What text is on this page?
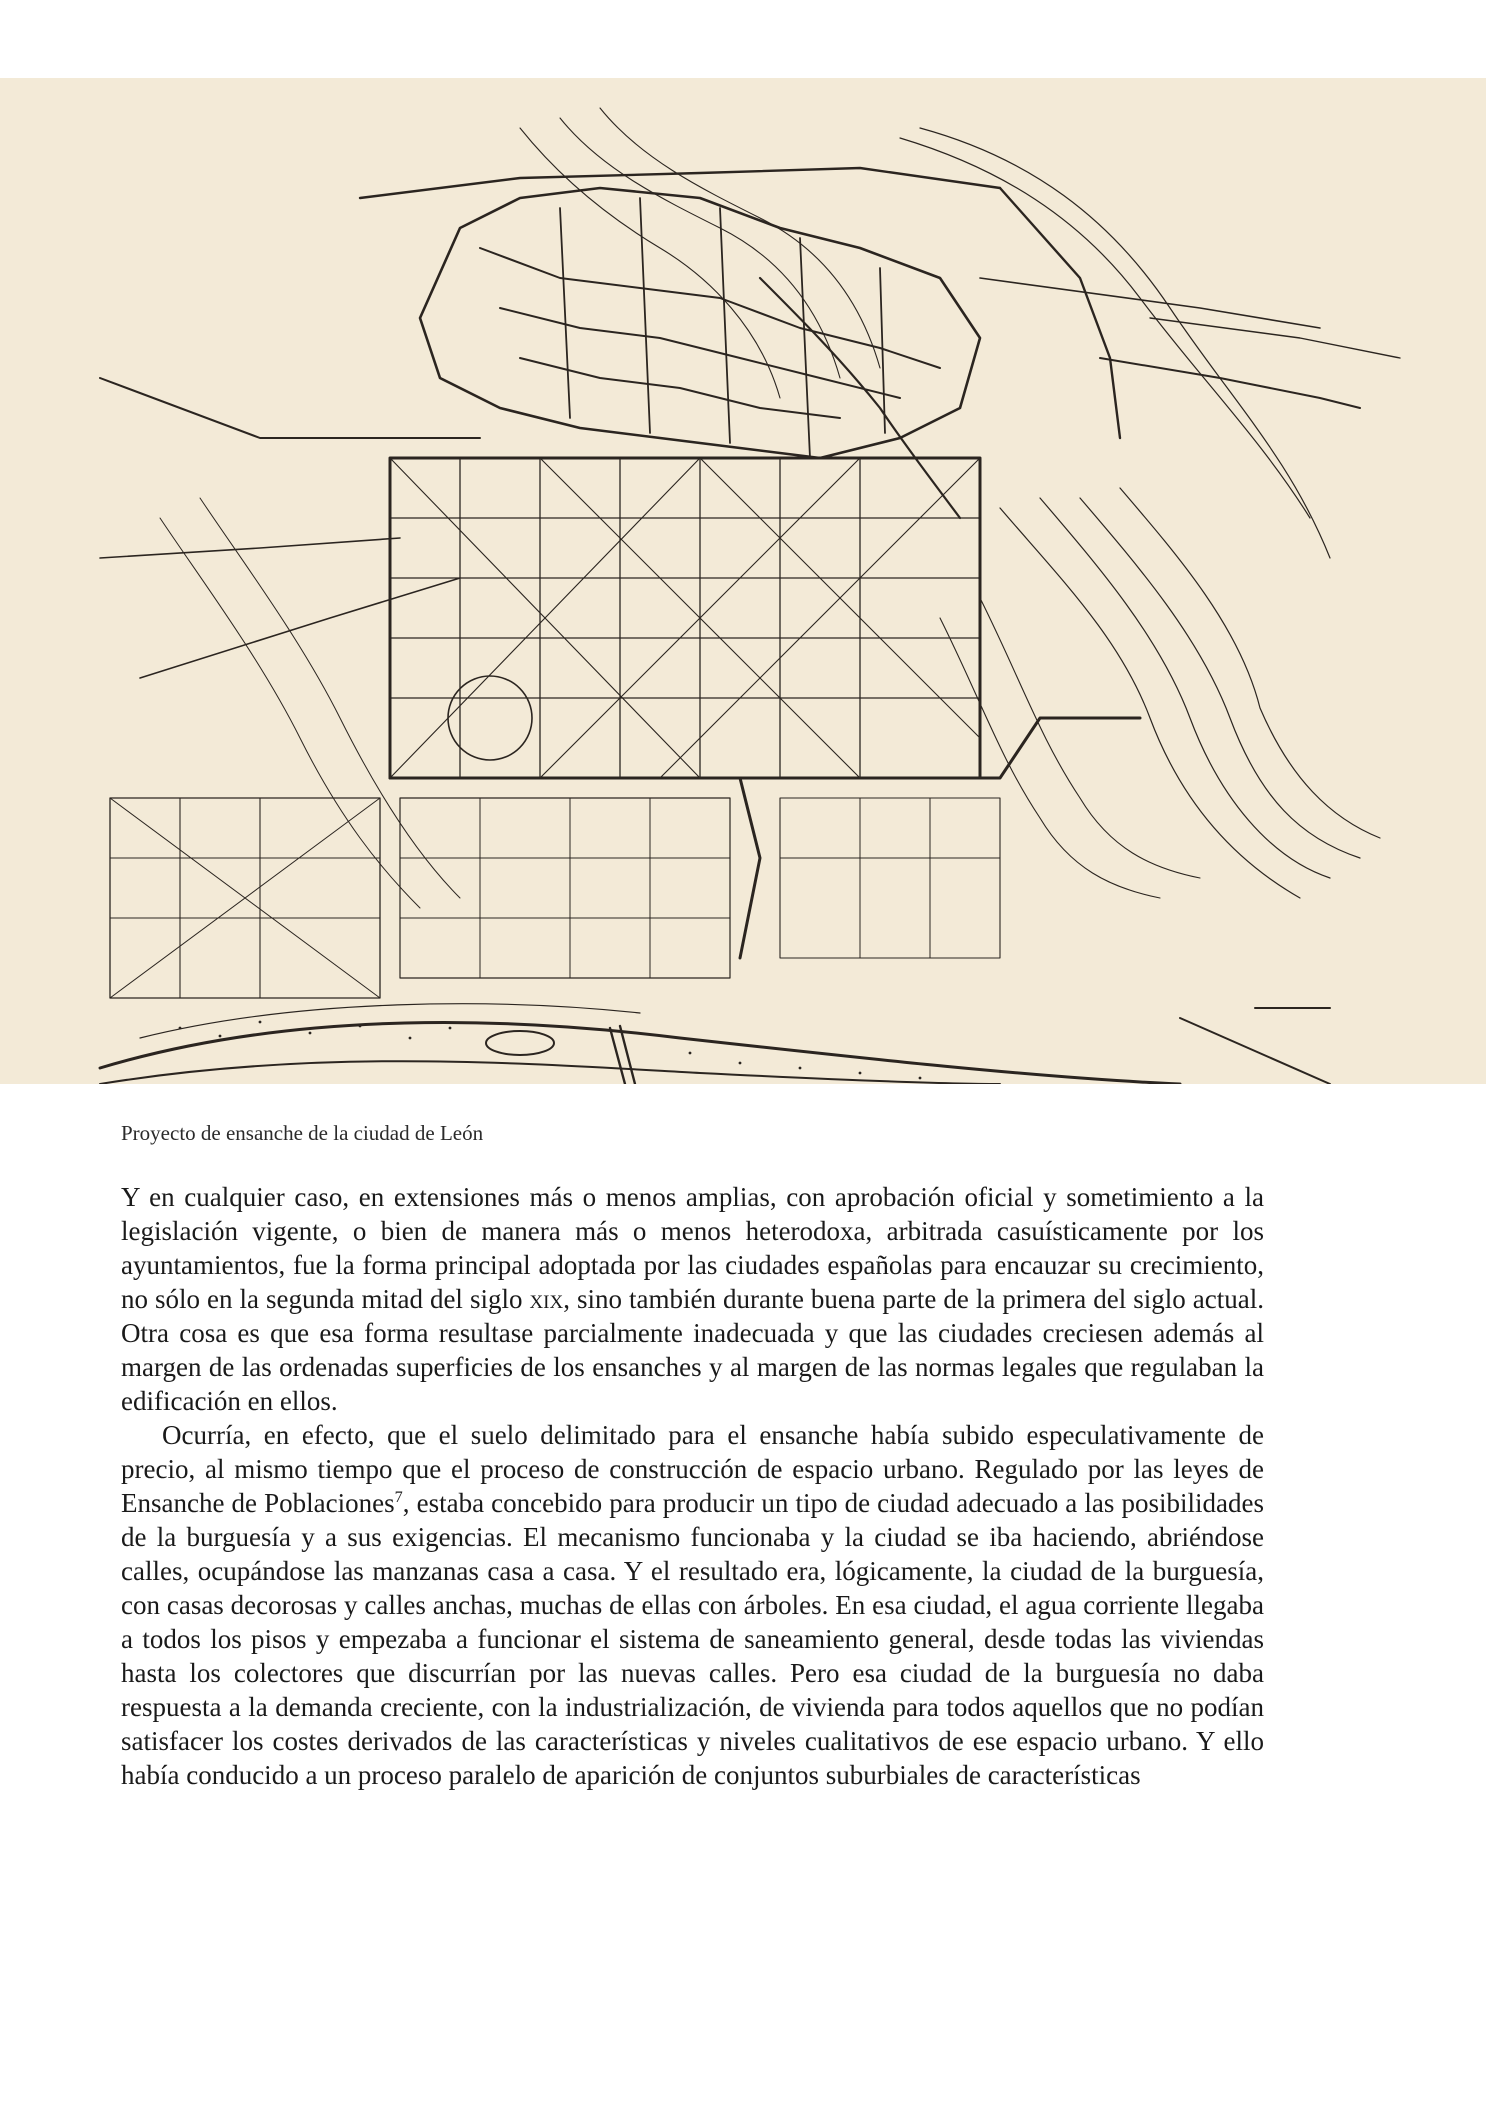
Proyecto de ensanche de la ciudad de León

Y en cualquier caso, en extensiones más o menos amplias, con aprobación oficial y sometimiento a la legislación vigente, o bien de manera más o menos heterodoxa, arbitrada casuísticamente por los ayuntamientos, fue la forma principal adoptada por las ciudades españolas para encauzar su crecimiento, no sólo en la segunda mitad del siglo xix, sino también durante buena parte de la primera del siglo actual. Otra cosa es que esa forma resultase parcialmente inadecuada y que las ciudades creciesen además al margen de las ordenadas superficies de los ensanches y al margen de las normas legales que regulaban la edificación en ellos.

Ocurría, en efecto, que el suelo delimitado para el ensanche había subido especulativamente de precio, al mismo tiempo que el proceso de construcción de espacio urbano. Regulado por las leyes de Ensanche de Poblaciones$^7$, estaba concebido para producir un tipo de ciudad adecuado a las posibilidades de la burguesía y a sus exigencias. El mecanismo funcionaba y la ciudad se iba haciendo, abriéndose calles, ocupándose las manzanas casa a casa. Y el resultado era, lógicamente, la ciudad de la burguesía, con casas decorosas y calles anchas, muchas de ellas con árboles. En esa ciudad, el agua corriente llegaba a todos los pisos y empezaba a funcionar el sistema de saneamiento general, desde todas las viviendas hasta los colectores que discurrían por las nuevas calles. Pero esa ciudad de la burguesía no daba respuesta a la demanda creciente, con la industrialización, de vivienda para todos aquellos que no podían satisfacer los costes derivados de las características y niveles cualitativos de ese espacio urbano. Y ello había conducido a un proceso paralelo de aparición de conjuntos suburbiales de características
